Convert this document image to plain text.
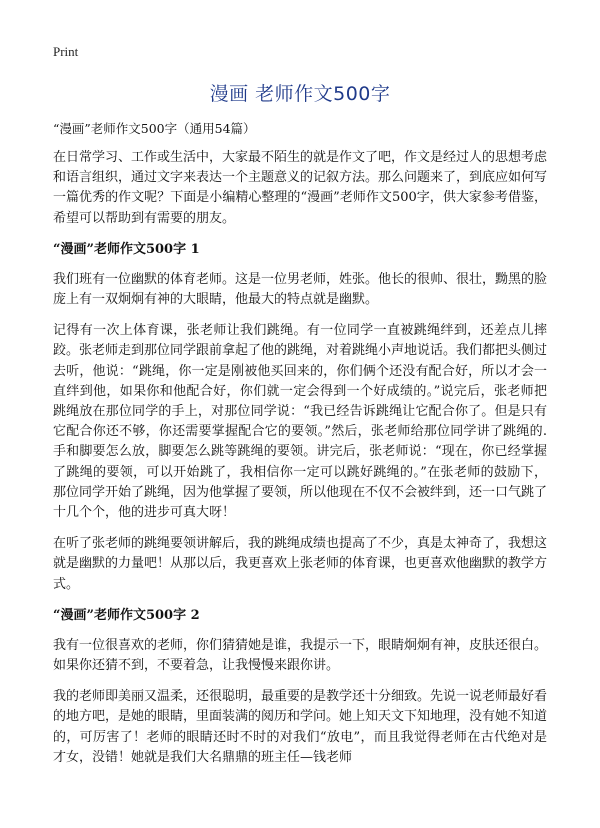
Print
漫画 老师作文500字

“漫画”老师作文500字（通用54篇）

在日常学习、工作或生活中，大家最不陌生的就是作文了吧，作文是经过人的思想考虑和语言组织，通过文字来表达一个主题意义的记叙方法。那么问题来了，到底应如何写一篇优秀的作文呢？下面是小编精心整理的“漫画”老师作文500字，供大家参考借鉴，希望可以帮助到有需要的朋友。

“漫画”老师作文500字 1

我们班有一位幽默的体育老师。这是一位男老师，姓张。他长的很帅、很壮，黝黑的脸庞上有一双炯炯有神的大眼睛，他最大的特点就是幽默。

记得有一次上体育课，张老师让我们跳绳。有一位同学一直被跳绳绊到，还差点儿摔跤。张老师走到那位同学跟前拿起了他的跳绳，对着跳绳小声地说话。我们都把头侧过去听，他说：“跳绳，你一定是刚被他买回来的，你们俩个还没有配合好，所以才会一直绊到他，如果你和他配合好，你们就一定会得到一个好成绩的。”说完后，张老师把跳绳放在那位同学的手上，对那位同学说：“我已经告诉跳绳让它配合你了。但是只有它配合你还不够，你还需要掌握配合它的要领。”然后，张老师给那位同学讲了跳绳的.手和脚要怎么放，脚要怎么跳等跳绳的要领。讲完后，张老师说：“现在，你已经掌握了跳绳的要领，可以开始跳了，我相信你一定可以跳好跳绳的。”在张老师的鼓励下，那位同学开始了跳绳，因为他掌握了要领，所以他现在不仅不会被绊到，还一口气跳了十几个个，他的进步可真大呀！

在听了张老师的跳绳要领讲解后，我的跳绳成绩也提高了不少，真是太神奇了，我想这就是幽默的力量吧！从那以后，我更喜欢上张老师的体育课，也更喜欢他幽默的教学方式。

“漫画”老师作文500字 2

我有一位很喜欢的老师，你们猜猜她是谁，我提示一下，眼睛炯炯有神，皮肤还很白。如果你还猜不到，不要着急，让我慢慢来跟你讲。

我的老师即美丽又温柔，还很聪明，最重要的是教学还十分细致。先说一说老师最好看的地方吧，是她的眼睛，里面装满的阅历和学问。她上知天文下知地理，没有她不知道的，可厉害了！老师的眼睛还时不时的对我们“放电”，而且我觉得老师在古代绝对是才女，没错！她就是我们大名鼎鼎的班主任—钱老师
